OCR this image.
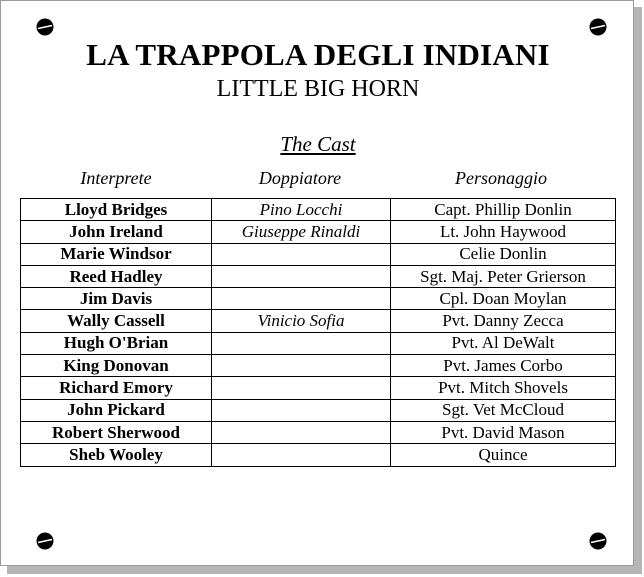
LA TRAPPOLA DEGLI INDIANI
LITTLE BIG HORN
The Cast
Interprete	Doppiatore	Personaggio
Lloyd Bridges	Pino Locchi	Capt. Phillip Donlin
John Ireland	Giuseppe Rinaldi	Lt. John Haywood
Marie Windsor		Celie Donlin
Reed Hadley		Sgt. Maj. Peter Grierson
Jim Davis		Cpl. Doan Moylan
Wally Cassell	Vinicio Sofia	Pvt. Danny Zecca
Hugh O'Brian		Pvt. Al DeWalt
King Donovan		Pvt. James Corbo
Richard Emory		Pvt. Mitch Shovels
John Pickard		Sgt. Vet McCloud
Robert Sherwood		Pvt. David Mason
Sheb Wooley		Quince
